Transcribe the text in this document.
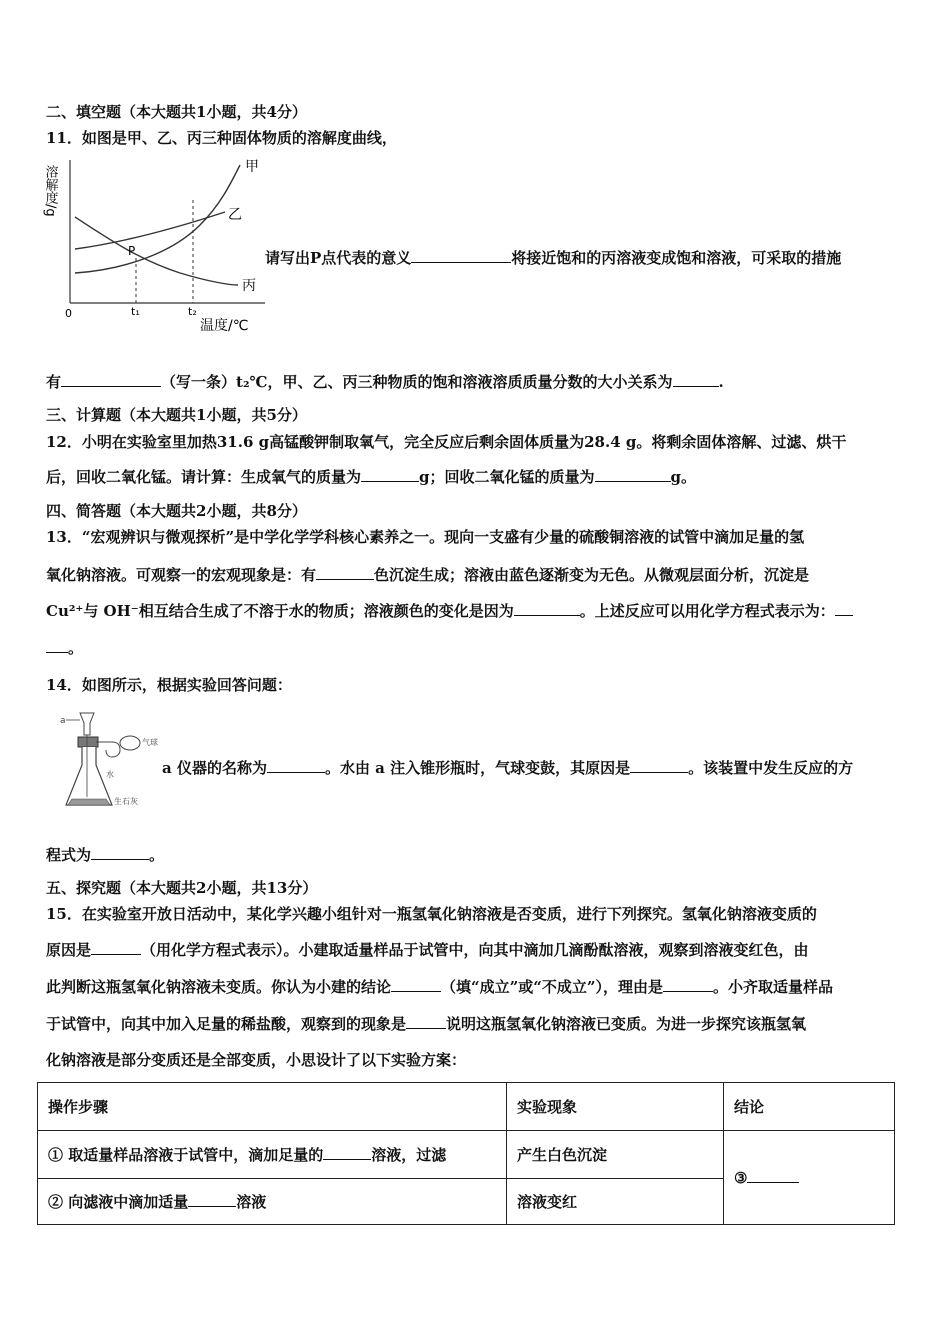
二、填空题（本大题共1小题，共4分）
11．如图是甲、乙、丙三种固体物质的溶解度曲线，
溶解度/g
0	t₁	t₂
温度/℃
甲
乙
丙
P	请写出P点代表的意义	将接近饱和的丙溶液变成饱和溶液，可采取的措施
有	（写一条）t₂℃，甲、乙、丙三种物质的饱和溶液溶质质量分数的大小关系为	.
三、计算题（本大题共1小题，共5分）
12．小明在实验室里加热31.6 g高锰酸钾制取氧气，完全反应后剩余固体质量为28.4 g。将剩余固体溶解、过滤、烘干
后，回收二氧化锰。请计算：生成氧气的质量为	g；回收二氧化锰的质量为	g。
四、简答题（本大题共2小题，共8分）
13．“宏观辨识与微观探析”是中学化学学科核心素养之一。现向一支盛有少量的硫酸铜溶液的试管中滴加足量的氢
氧化钠溶液。可观察一的宏观现象是：有	色沉淀生成；溶液由蓝色逐渐变为无色。从微观层面分析，沉淀是
Cu²⁺与 OH⁻相互结合生成了不溶于水的物质；溶液颜色的变化是因为	。上述反应可以用化学方程式表示为：
。
14．如图所示，根据实验回答问题：
a
气球
水
生石灰
a 仪器的名称为	。水由 a 注入锥形瓶时，气球变鼓，其原因是	。该装置中发生反应的方
程式为	。
五、探究题（本大题共2小题，共13分）
15．在实验室开放日活动中，某化学兴趣小组针对一瓶氢氧化钠溶液是否变质，进行下列探究。氢氧化钠溶液变质的
原因是	（用化学方程式表示）。小建取适量样品于试管中，向其中滴加几滴酚酞溶液，观察到溶液变红色，由
此判断这瓶氢氧化钠溶液未变质。你认为小建的结论	（填“成立”或“不成立”），理由是	。小齐取适量样品
于试管中，向其中加入足量的稀盐酸，观察到的现象是	说明这瓶氢氧化钠溶液已变质。为进一步探究该瓶氢氧
化钠溶液是部分变质还是全部变质，小思设计了以下实验方案：
操作步骤	实验现象	结论
① 取适量样品溶液于试管中，滴加足量的 溶液，过滤	产生白色沉淀	③
② 向滤液中滴加适量 溶液	溶液变红	
